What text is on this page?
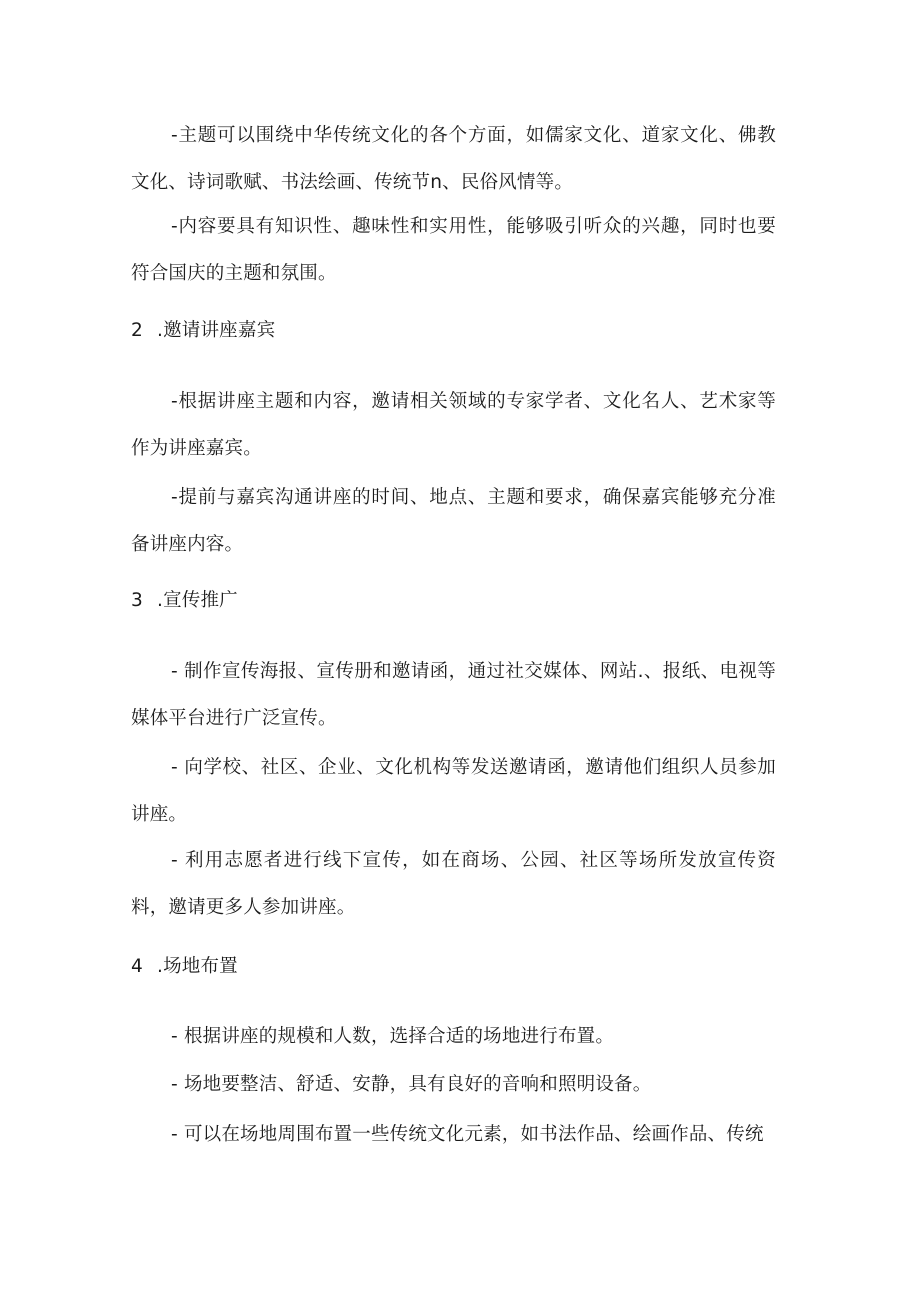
-主题可以围绕中华传统文化的各个方面，如儒家文化、道家文化、佛教文化、诗词歌赋、书法绘画、传统节n、民俗风情等。

-内容要具有知识性、趣味性和实用性，能够吸引听众的兴趣，同时也要符合国庆的主题和氛围。

2 .邀请讲座嘉宾

-根据讲座主题和内容，邀请相关领域的专家学者、文化名人、艺术家等作为讲座嘉宾。

-提前与嘉宾沟通讲座的时间、地点、主题和要求，确保嘉宾能够充分准备讲座内容。

3 .宣传推广

- 制作宣传海报、宣传册和邀请函，通过社交媒体、网站.、报纸、电视等媒体平台进行广泛宣传。

- 向学校、社区、企业、文化机构等发送邀请函，邀请他们组织人员参加讲座。

- 利用志愿者进行线下宣传，如在商场、公园、社区等场所发放宣传资料，邀请更多人参加讲座。

4 .场地布置

- 根据讲座的规模和人数，选择合适的场地进行布置。

- 场地要整洁、舒适、安静，具有良好的音响和照明设备。

- 可以在场地周围布置一些传统文化元素，如书法作品、绘画作品、传统
